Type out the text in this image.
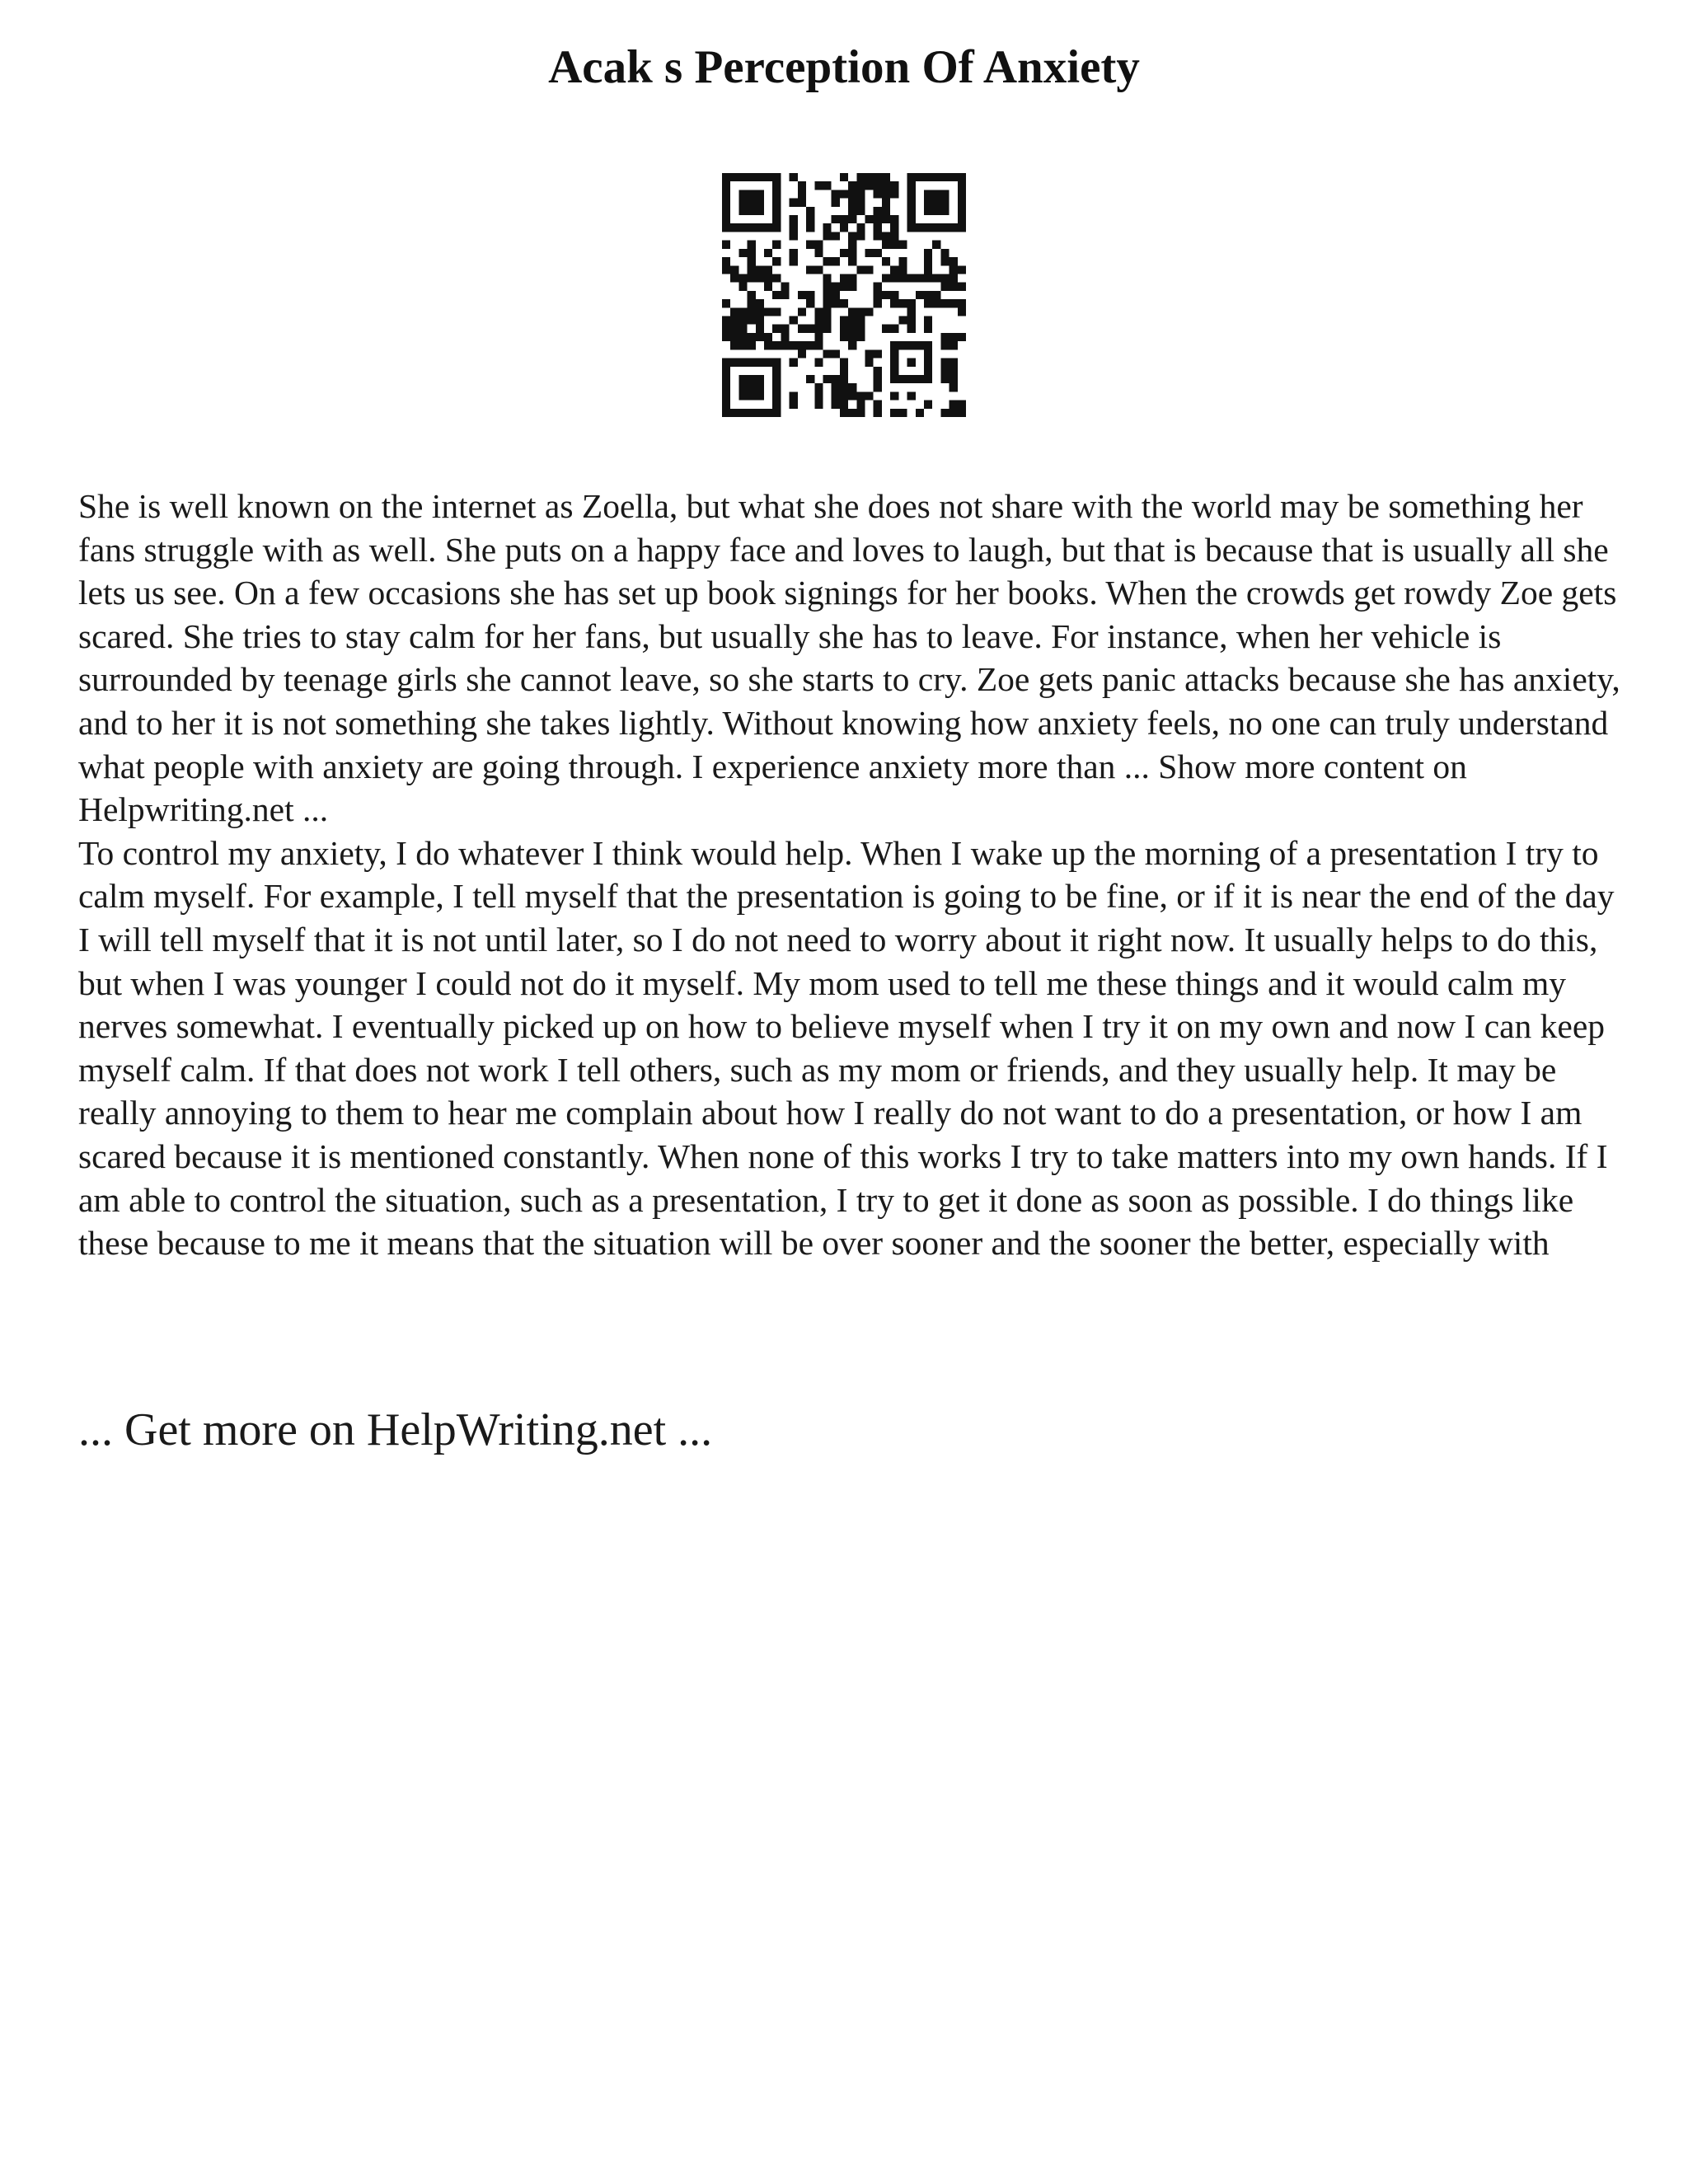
Acak s Perception Of Anxiety

She is well known on the internet as Zoella, but what she does not share with the world may be something her fans struggle with as well. She puts on a happy face and loves to laugh, but that is because that is usually all she lets us see. On a few occasions she has set up book signings for her books. When the crowds get rowdy Zoe gets scared. She tries to stay calm for her fans, but usually she has to leave. For instance, when her vehicle is surrounded by teenage girls she cannot leave, so she starts to cry. Zoe gets panic attacks because she has anxiety, and to her it is not something she takes lightly. Without knowing how anxiety feels, no one can truly understand what people with anxiety are going through. I experience anxiety more than ... Show more content on Helpwriting.net ...

To control my anxiety, I do whatever I think would help. When I wake up the morning of a presentation I try to calm myself. For example, I tell myself that the presentation is going to be fine, or if it is near the end of the day I will tell myself that it is not until later, so I do not need to worry about it right now. It usually helps to do this, but when I was younger I could not do it myself. My mom used to tell me these things and it would calm my nerves somewhat. I eventually picked up on how to believe myself when I try it on my own and now I can keep myself calm. If that does not work I tell others, such as my mom or friends, and they usually help. It may be really annoying to them to hear me complain about how I really do not want to do a presentation, or how I am scared because it is mentioned constantly. When none of this works I try to take matters into my own hands. If I am able to control the situation, such as a presentation, I try to get it done as soon as possible. I do things like these because to me it means that the situation will be over sooner and the sooner the better, especially with

... Get more on HelpWriting.net ...
